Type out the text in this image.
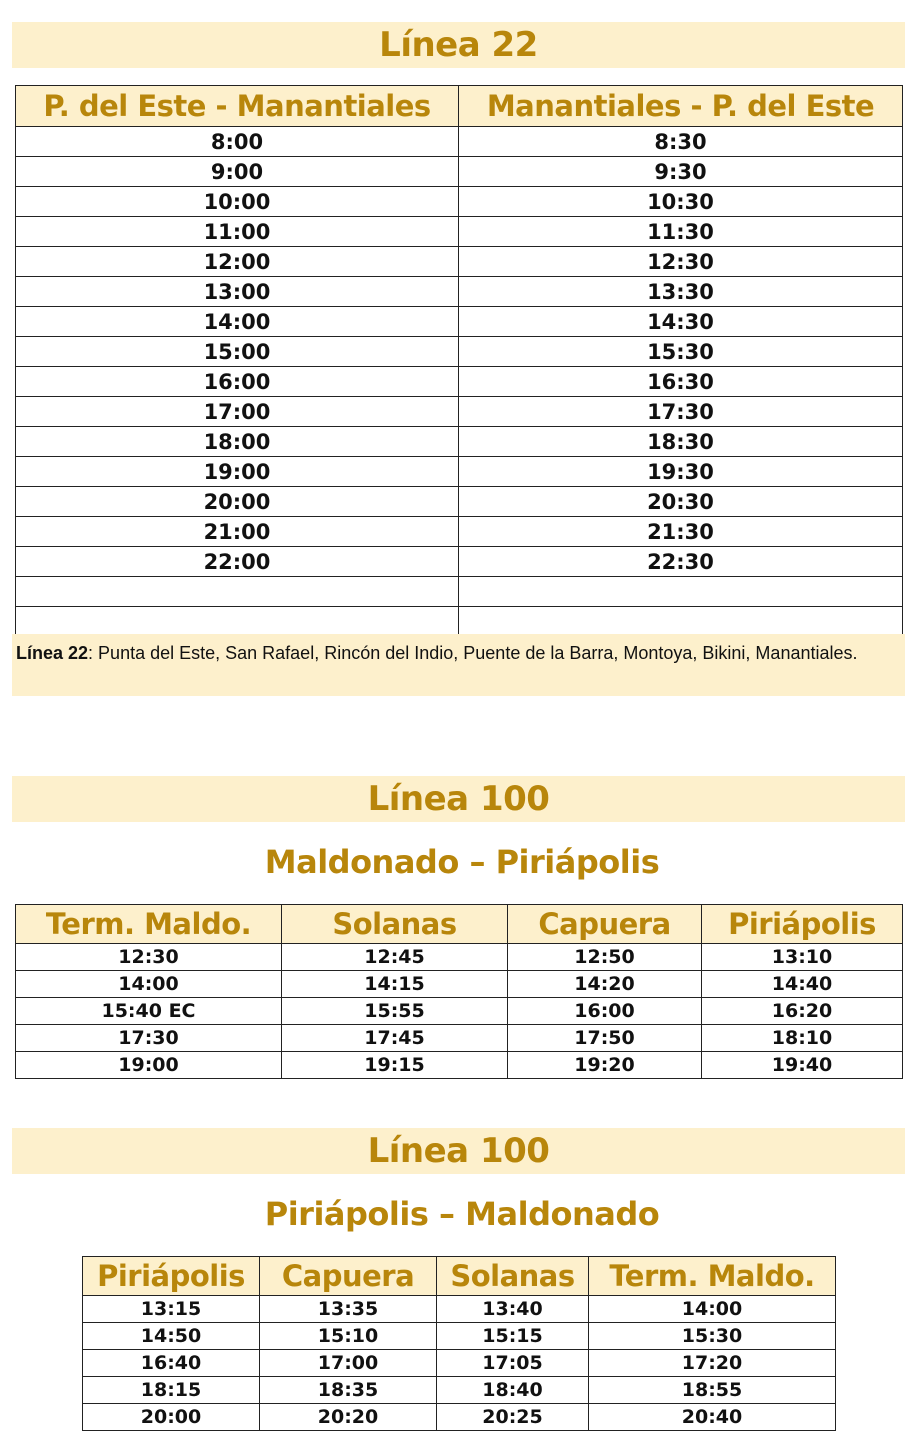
Línea 22
P. del Este - Manantiales	Manantiales - P. del Este
8:00	8:30
9:00	9:30
10:00	10:30
11:00	11:30
12:00	12:30
13:00	13:30
14:00	14:30
15:00	15:30
16:00	16:30
17:00	17:30
18:00	18:30
19:00	19:30
20:00	20:30
21:00	21:30
22:00	22:30

Línea 22: Punta del Este, San Rafael, Rincón del Indio, Puente de la Barra, Montoya, Bikini, Manantiales.
Línea 100
Maldonado – Piriápolis
Term. Maldo.	Solanas	Capuera	Piriápolis
12:30	12:45	12:50	13:10
14:00	14:15	14:20	14:40
15:40 EC	15:55	16:00	16:20
17:30	17:45	17:50	18:10
19:00	19:15	19:20	19:40
Línea 100
Piriápolis – Maldonado
Piriápolis	Capuera	Solanas	Term. Maldo.
13:15	13:35	13:40	14:00
14:50	15:10	15:15	15:30
16:40	17:00	17:05	17:20
18:15	18:35	18:40	18:55
20:00	20:20	20:25	20:40
